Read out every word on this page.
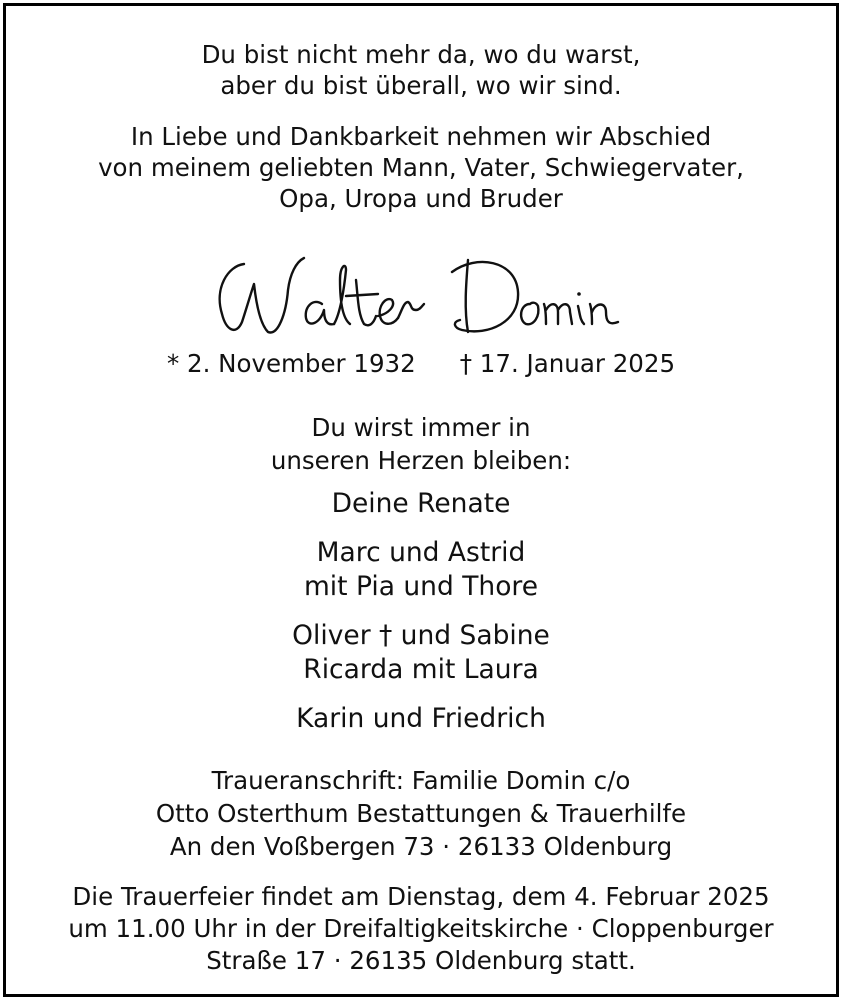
Du bist nicht mehr da, wo du warst,
aber du bist überall, wo wir sind.
In Liebe und Dankbarkeit nehmen wir Abschied
von meinem geliebten Mann, Vater, Schwiegervater,
Opa, Uropa und Bruder
* 2. November 1932 † 17. Januar 2025
Du wirst immer in
unseren Herzen bleiben:
Deine Renate
Marc und Astrid
mit Pia und Thore
Oliver † und Sabine
Ricarda mit Laura
Karin und Friedrich
Traueranschrift: Familie Domin c/o
Otto Osterthum Bestattungen & Trauerhilfe
An den Voßbergen 73 · 26133 Oldenburg
Die Trauerfeier findet am Dienstag, dem 4. Februar 2025
um 11.00 Uhr in der Dreifaltigkeitskirche · Cloppenburger
Straße 17 · 26135 Oldenburg statt.
